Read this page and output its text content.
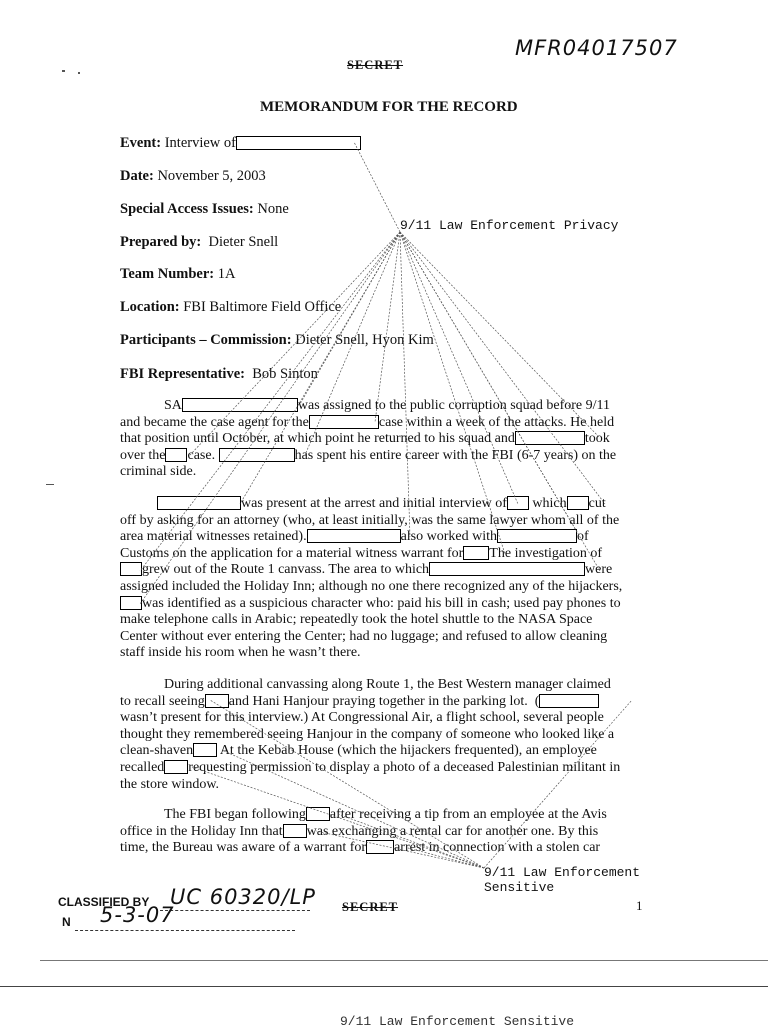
MFR04017507
SECRET
MEMORANDUM FOR THE RECORD
Event: Interview of
Date: November 5, 2003
Special Access Issues: None
Prepared by: Dieter Snell
Team Number: 1A
Location: FBI Baltimore Field Office
Participants – Commission: Dieter Snell, Hyon Kim
FBI Representative: Bob Sinton
9/11 Law Enforcement Privacy
SA	was assigned to the public corruption squad before 9/11
and became the case agent for the	case within a week of the attacks. He held
that position until October, at which point he returned to his squad and	took
over the case.	has spent his entire career with the FBI (6-7 years) on the
criminal side.
was present at the arrest and initial interview of which cut
off by asking for an attorney (who, at least initially, was the same lawyer whom all of the
area material witnesses retained).	also worked with	of
Customs on the application for a material witness warrant for The investigation of
grew out of the Route 1 canvass. The area to which	were
assigned included the Holiday Inn; although no one there recognized any of the hijackers,
was identified as a suspicious character who: paid his bill in cash; used pay phones to
make telephone calls in Arabic; repeatedly took the hotel shuttle to the NASA Space
Center without ever entering the Center; had no luggage; and refused to allow cleaning
staff inside his room when he wasn’t there.
During additional canvassing along Route 1, the Best Western manager claimed
to recall seeing and Hani Hanjour praying together in the parking lot. (
wasn’t present for this interview.) At Congressional Air, a flight school, several people
thought they remembered seeing Hanjour in the company of someone who looked like a
clean-shaven At the Kebab House (which the hijackers frequented), an employee
recalled requesting permission to display a photo of a deceased Palestinian militant in
the store window.
The FBI began following after receiving a tip from an employee at the Avis
office in the Holiday Inn that was exchanging a rental car for another one. By this
time, the Bureau was aware of a warrant for arrest in connection with a stolen car
9/11 Law Enforcement
Sensitive
CLASSIFIED BY UC 60320/LP
N 5-3-07	SECRET	1
9/11 Law Enforcement Sensitive
